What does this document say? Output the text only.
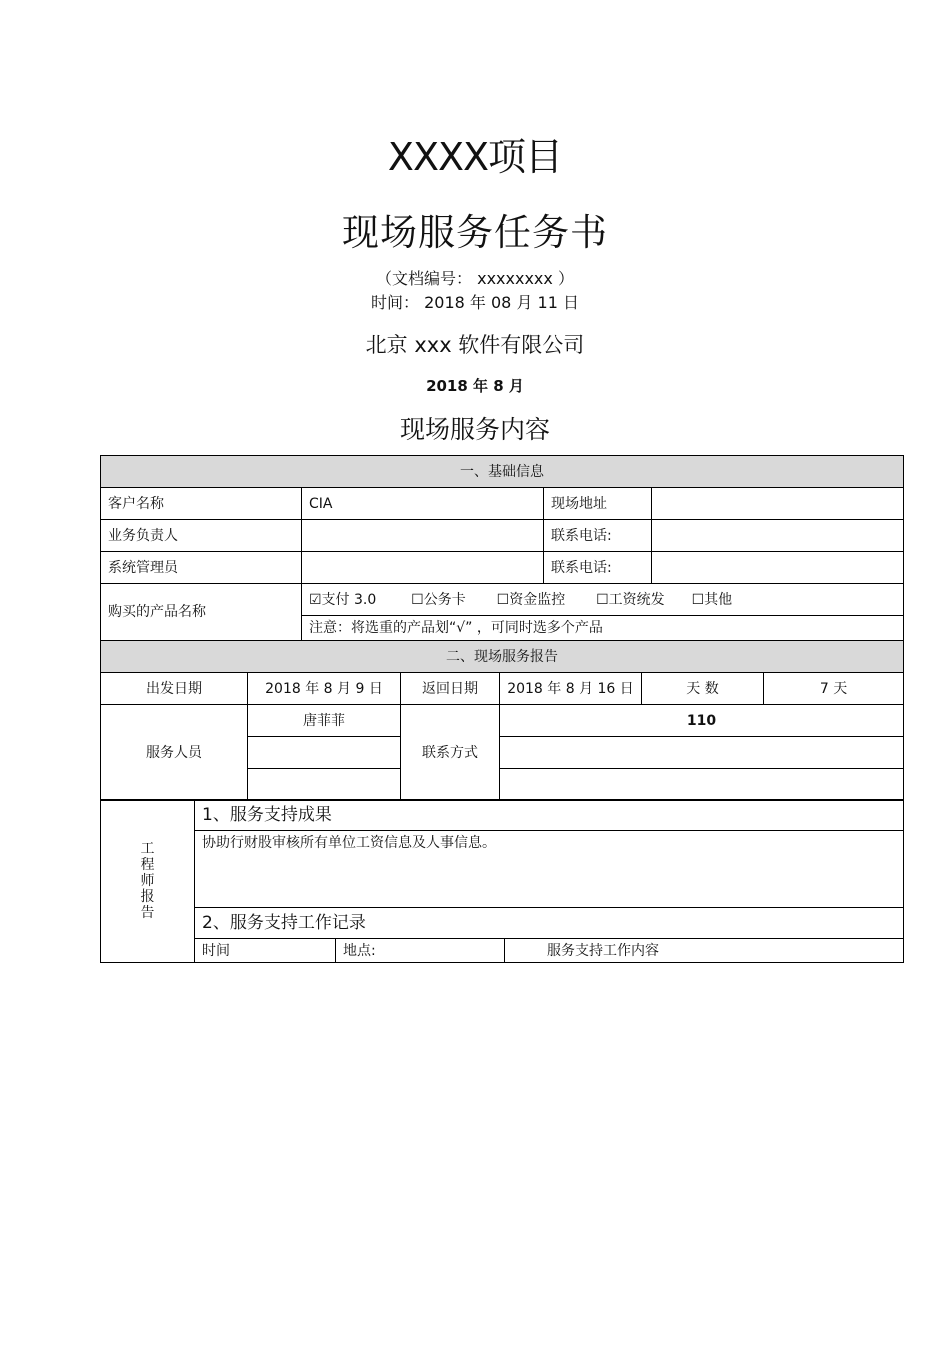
XXXX项目
现场服务任务书
（文档编号： xxxxxxxx ）
时间： 2018 年 08 月 11 日
北京 xxx 软件有限公司
2018 年 8 月
现场服务内容
一、基础信息			
客户名称	CIA	现场地址	
业务负责人		联系电话:	
系统管理员		联系电话:	
购买的产品名称	☑支付 3.0 ☐公务卡 ☐资金监控 ☐工资统发 ☐其他		
	注意：将选重的产品划“√” ，可同时选多个产品		
二、现场服务报告					
出发日期	2018 年 8 月 9 日	返回日期	2018 年 8 月 16 日	天 数	7 天
服务人员	唐菲菲	联系方式	110		

工
程
师
报
告	1、服务支持成果		
	协助行财股审核所有单位工资信息及人事信息。		
	2、服务支持工作记录		
	时间	地点:	服务支持工作内容
